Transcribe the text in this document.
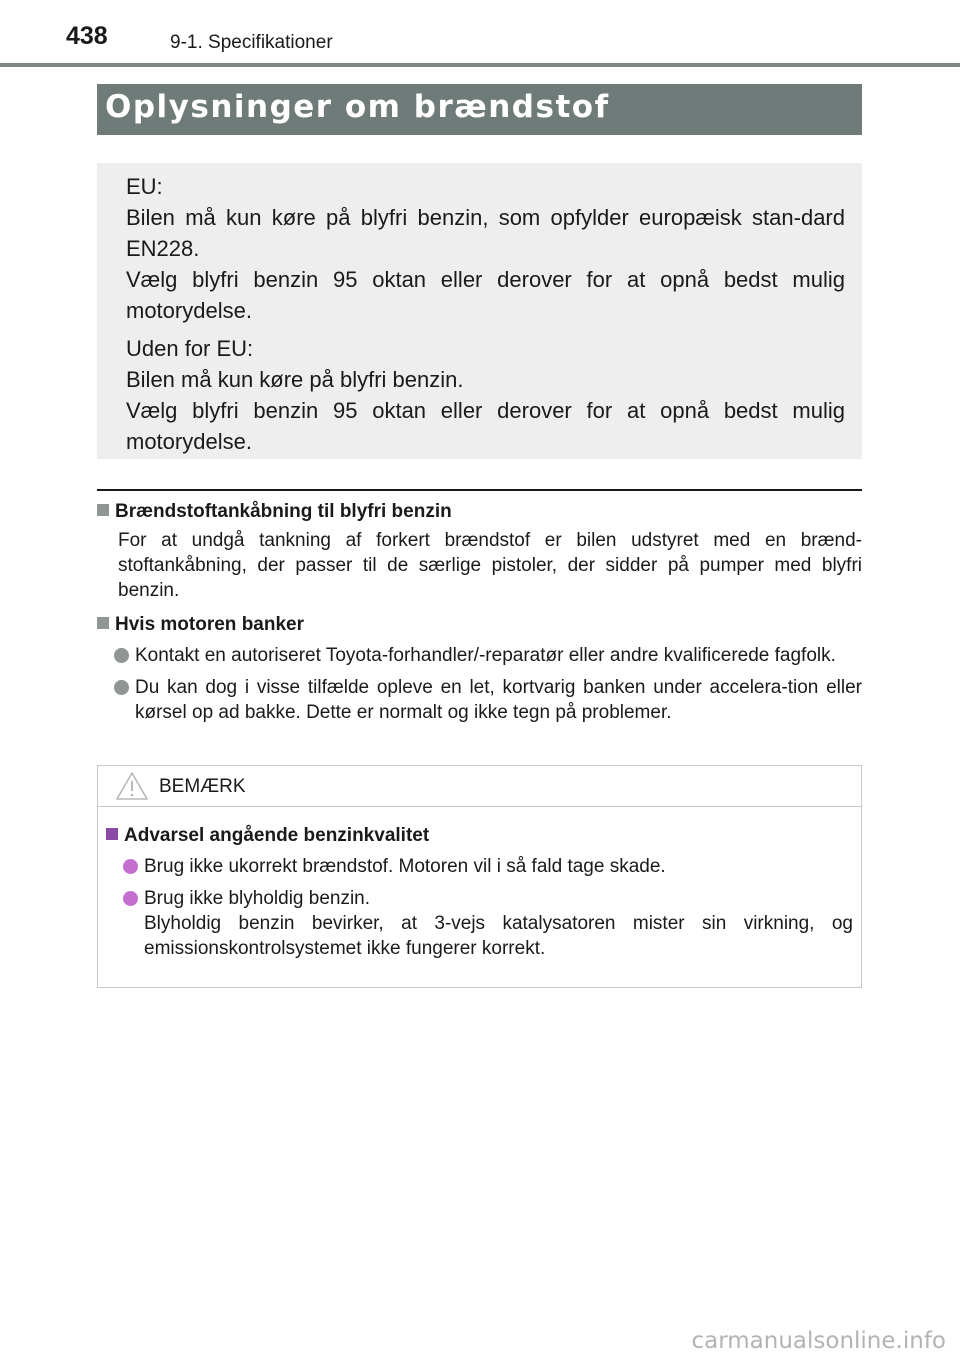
438	9-1. Specifikationer
Oplysninger om brændstof

EU:

Bilen må kun køre på blyfri benzin, som opfylder europæisk stan-dard EN228.

Vælg blyfri benzin 95 oktan eller derover for at opnå bedst mulig motorydelse.

Uden for EU:

Bilen må kun køre på blyfri benzin.

Vælg blyfri benzin 95 oktan eller derover for at opnå bedst mulig motorydelse.

Brændstoftankåbning til blyfri benzin
For at undgå tankning af forkert brændstof er bilen udstyret med en brænd-stoftankåbning, der passer til de særlige pistoler, der sidder på pumper med blyfri benzin.
Hvis motoren banker
Kontakt en autoriseret Toyota-forhandler/-reparatør eller andre kvalificerede fagfolk.
Du kan dog i visse tilfælde opleve en let, kortvarig banken under accelera-tion eller kørsel op ad bakke. Dette er normalt og ikke tegn på problemer.
BEMÆRK
Advarsel angående benzinkvalitet
Brug ikke ukorrekt brændstof. Motoren vil i så fald tage skade.
Brug ikke blyholdig benzin.
Blyholdig benzin bevirker, at 3-vejs katalysatoren mister sin virkning, og emissionskontrolsystemet ikke fungerer korrekt.
carmanualsonline.info
